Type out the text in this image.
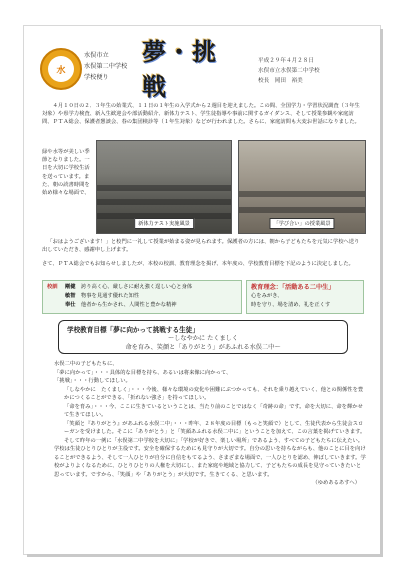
水
水俣市立
水俣第二中学校
学校便り
夢・挑戦
平成２９年４月２８日
水俣市立水俣第二中学校
校長　岡田　裕美
４月１０日の２．３年生の始業式、１１日の１年生の入学式から２週目を迎えました。この間、全国学力・学習状況調査（３年生対象）や県学力検査、新入生歓迎会や部活動紹介、新体力テスト、学生徒指導や事前に関するガイダンス、そして授業参観や家庭訪問、ＰＴＡ総会、保護者懇談会、春の集団検診等（１年生対象）などが行われました。さらに、家庭訪問も大変お世話になりました。
緑や水等が美しい季節となりました。一日を大切に学校生活を送っています。また、朝の読書時間を始め様々な場面で、
新体力テスト実施風景	「学び合い」の授業風景
「おはようございます！」と校門に一礼して授業が始まる姿が見られます。保護者の方には、朝から子どもたちを元気に学校へ送り出していただき、感謝申し上げます。
さて、ＰＴＡ総会でもお知らせしましたが、本校の校訓、教育理念を掲げ、本年度の、学校教育目標を下記のように決定しました。
校訓 剛健　 誇り高く心、厳しさに耐え強く逞しい心と身体
敏智　 物事を見通す優れた知性
奉仕　 他者から生かされ、人間性と豊かな精神
教育理念：「活動ある二中生」
心をみがき、
時を守り、場を清め、礼を正くす
学校教育目標「夢に向かって挑戦する生徒」
～しなやかに たくましく
命を育み、笑顔と「ありがとう」があふれる水俣二中～

水俣二中の子どもたちに、

「夢に向かって」・・・具体的な目標を持ち、あるいは将来像に向かって、

「挑戦」・・・行動してほしい。

「しなやかに　たくましく」・・・今後、様々な環境の変化や困難にぶつかっても、それを乗り越えていく、他との関係性を豊かにつくることができる、「折れない強さ」を持ってほしい。

「命を育み」・・・今、ここに生きているということは、当たり前のことではなく「奇跡の命」です。命を大切に、命を輝かせて生きてほしい。

「笑顔と『ありがとう』があふれる水俣二中」・・・昨年、２８年度の目標（もっと笑顔で）として、生徒代表から生徒会スローガンを受けました。そこに「ありがとう」と「笑顔あふれる水俣二中に」ということを加えて、この言葉を掲げていきます。そして昨年の一例に「水俣第二中学校を大切に」「学校が好きで、楽しい場所」であるよう、すべての子どもたちに伝えたい。

学校は生徒ひとりひとりが主役です。安全を確保するためにも見守りが大切です。自分の思いを持ちながらも、他のことに目を向けることができるよう、そして一人ひとりが自分に自信をもてるよう、さまざまな場面で、一人ひとりを認め、伸ばしていきます。学校がよりよくなるために、ひとりひとりの人権を大切にし、また家庭や地域と協力して、子どもたちの成長を見守っていきたいと思っています。ですから、「笑顔」や「ありがとう」が大切です。生きてくる、と思います。

（ゆめあるあすへ）
